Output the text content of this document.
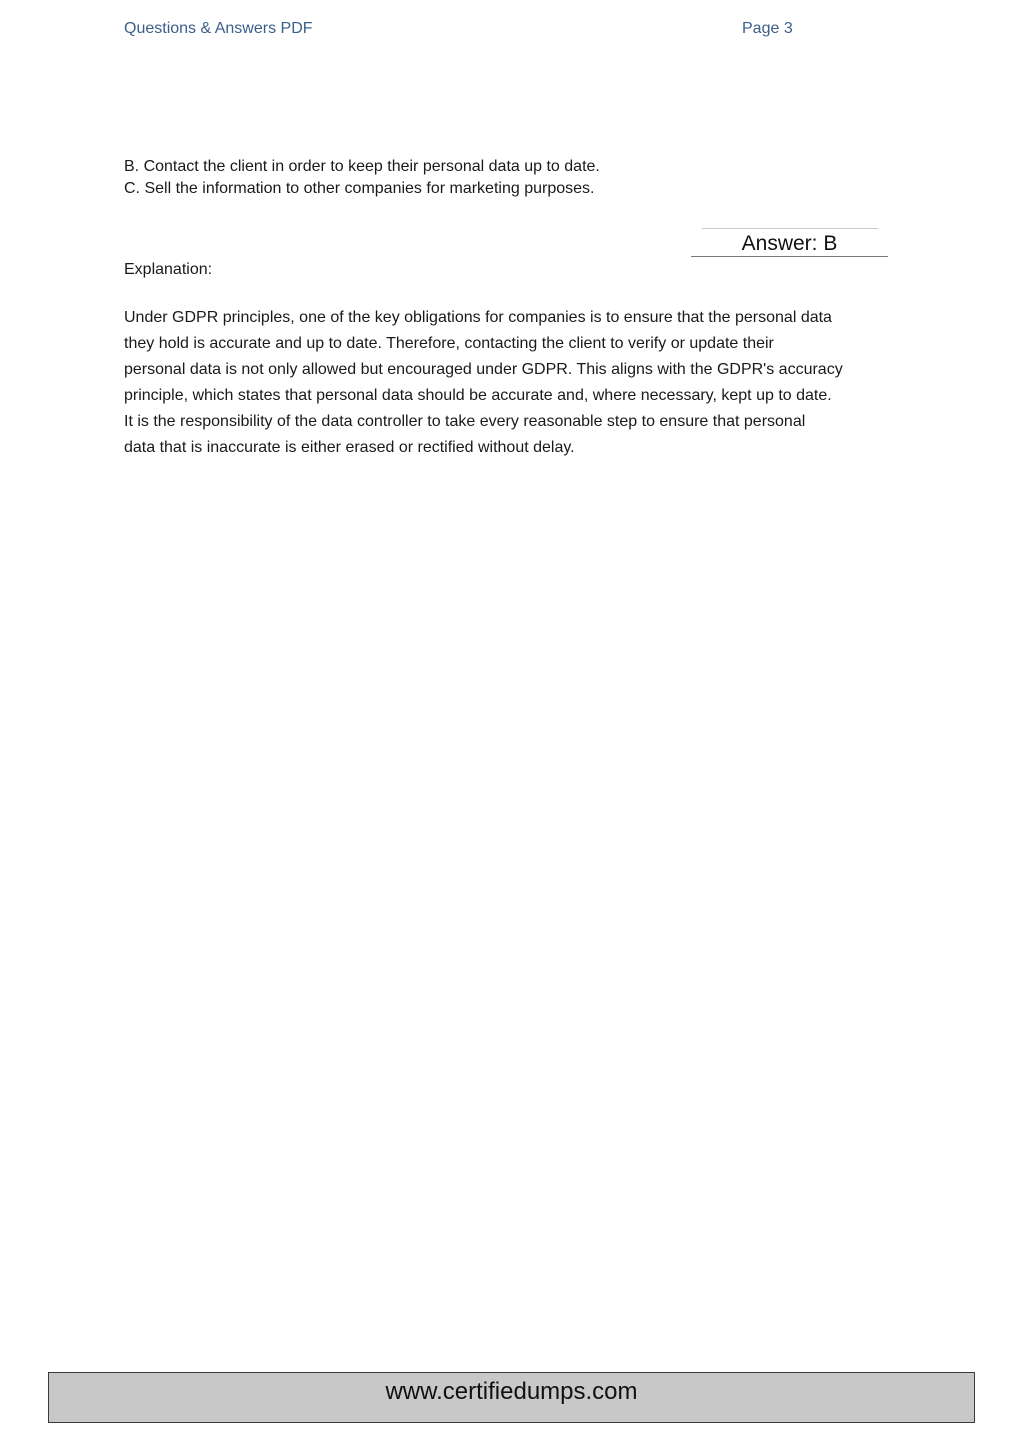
Questions & Answers PDF	Page 3
B. Contact the client in order to keep their personal data up to date.
C. Sell the information to other companies for marketing purposes.
Answer: B
Explanation:

Under GDPR principles, one of the key obligations for companies is to ensure that the personal data
they hold is accurate and up to date. Therefore, contacting the client to verify or update their
personal data is not only allowed but encouraged under GDPR. This aligns with the GDPR's accuracy
principle, which states that personal data should be accurate and, where necessary, kept up to date.
It is the responsibility of the data controller to take every reasonable step to ensure that personal
data that is inaccurate is either erased or rectified without delay.

www.certifiedumps.com
